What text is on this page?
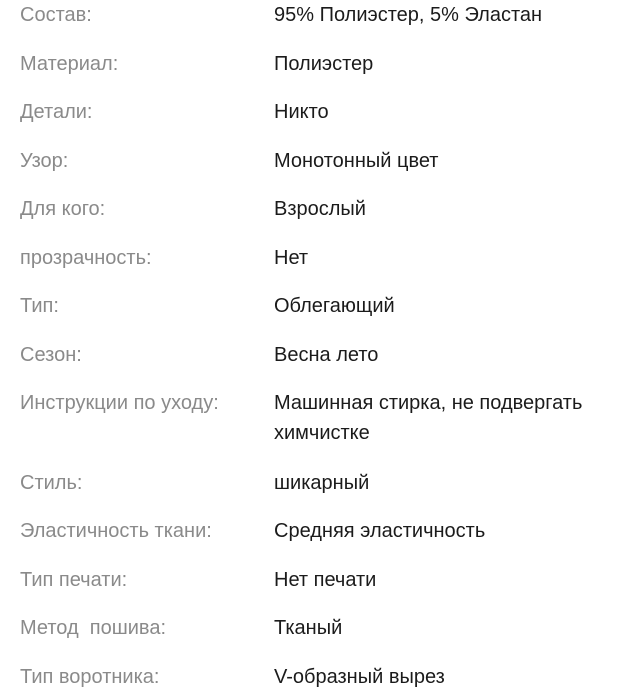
Состав:	95% Полиэстер, 5% Эластан
Материал:	Полиэстер
Детали:	Никто
Узор:	Монотонный цвет
Для кого:	Взрослый
прозрачность:	Нет
Тип:	Облегающий
Сезон:	Весна лето
Инструкции по уходу:	Машинная стирка, не подвергать химчистке
Стиль:	шикарный
Эластичность ткани:	Средняя эластичность
Тип печати:	Нет печати
Метод  пошива:	Тканый
Тип воротника:	V-образный вырез
